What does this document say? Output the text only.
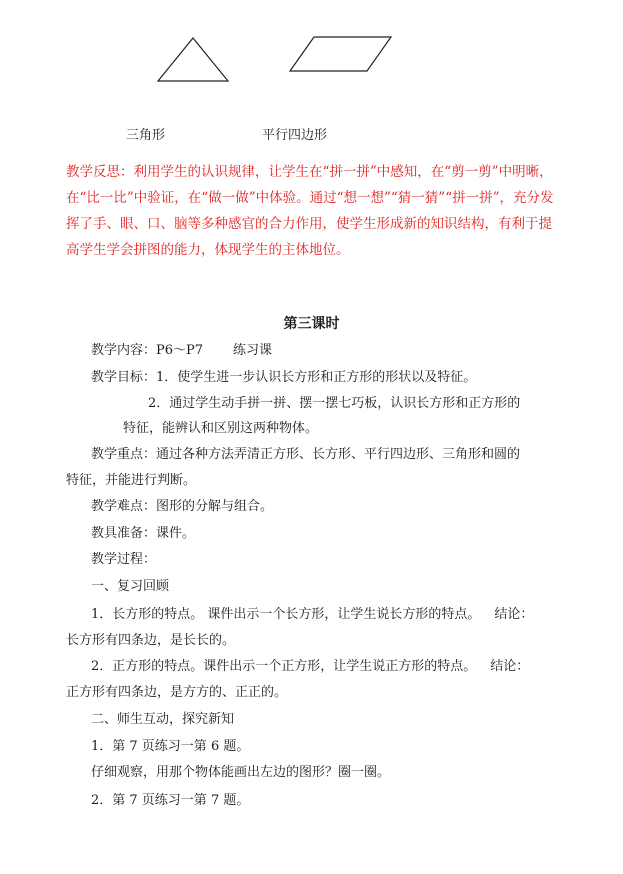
三角形	平行四边形

教学反思：利用学生的认识规律，让学生在“拼一拼”中感知，在“剪一剪”中明晰，在“比一比”中验证，在“做一做”中体验。通过“想一想”“猜一猜”“拼一拼”，充分发挥了手、眼、口、脑等多种感官的合力作用，使学生形成新的知识结构，有利于提高学生学会拼图的能力，体现学生的主体地位。

第三课时

教学内容：P6～P7 练习课

教学目标：1．使学生进一步认识长方形和正方形的形状以及特征。

2．通过学生动手拼一拼、摆一摆七巧板，认识长方形和正方形的

特征，能辨认和区别这两种物体。

教学重点：通过各种方法弄清正方形、长方形、平行四边形、三角形和圆的

特征，并能进行判断。

教学难点：图形的分解与组合。

教具准备：课件。

教学过程：

一、复习回顾

1．长方形的特点。 课件出示一个长方形，让学生说长方形的特点。 结论：

长方形有四条边，是长长的。

2．正方形的特点。课件出示一个正方形，让学生说正方形的特点。 结论：

正方形有四条边，是方方的、正正的。

二、师生互动，探究新知

1．第 7 页练习一第 6 题。

仔细观察，用那个物体能画出左边的图形？圈一圈。

2．第 7 页练习一第 7 题。
